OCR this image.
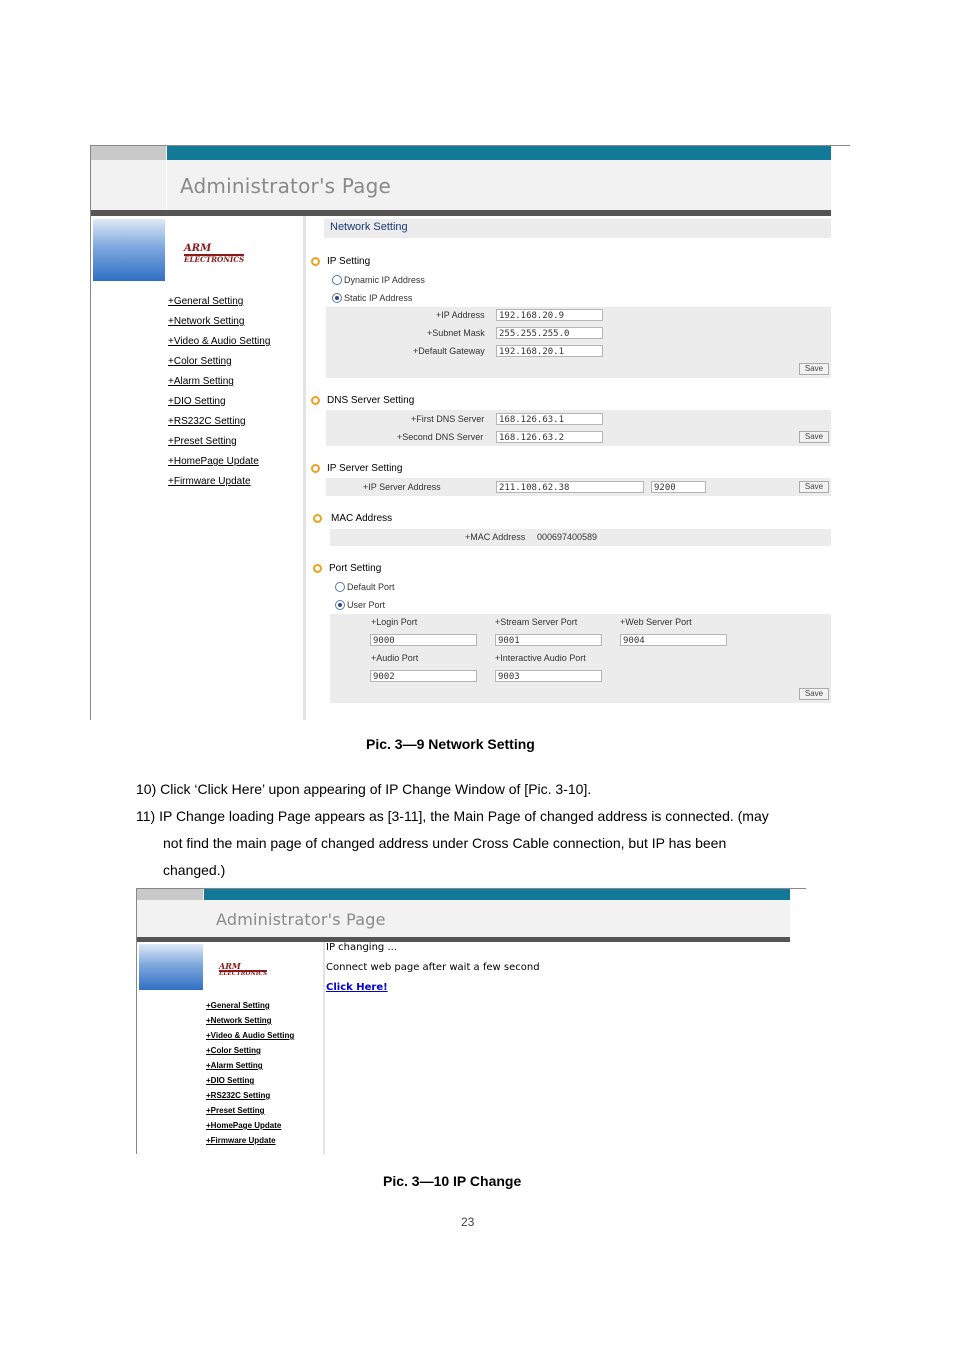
Administrator's Page
ARM
ELECTRONICS
+General Setting
+Network Setting
+Video & Audio Setting
+Color Setting
+Alarm Setting
+DIO Setting
+RS232C Setting
+Preset Setting
+HomePage Update
+Firmware Update
Network Setting
IP Setting
Dynamic IP Address
Static IP Address
+IP Address	192.168.20.9
+Subnet Mask	255.255.255.0
+Default Gateway	192.168.20.1
Save
DNS Server Setting
+First DNS Server	168.126.63.1
+Second DNS Server	168.126.63.2	Save
IP Server Setting
+IP Server Address	211.108.62.38	9200	Save
MAC Address
+MAC Address 000697400589
Port Setting
Default Port
User Port
+Login Port	+Stream Server Port	+Web Server Port
9000	9001	9004
+Audio Port	+Interactive Audio Port
9002	9003
Save
Pic. 3—9 Network Setting
10) Click ‘Click Here’ upon appearing of IP Change Window of [Pic. 3-10].
11) IP Change loading Page appears as [3-11], the Main Page of changed address is connected. (may
not find the main page of changed address under Cross Cable connection, but IP has been
changed.)
Administrator's Page
ARM
ELECTRONICS
+General Setting
+Network Setting
+Video & Audio Setting
+Color Setting
+Alarm Setting
+DIO Setting
+RS232C Setting
+Preset Setting
+HomePage Update
+Firmware Update
IP changing ...
Connect web page after wait a few second
Click Here!
Pic. 3—10 IP Change
23
